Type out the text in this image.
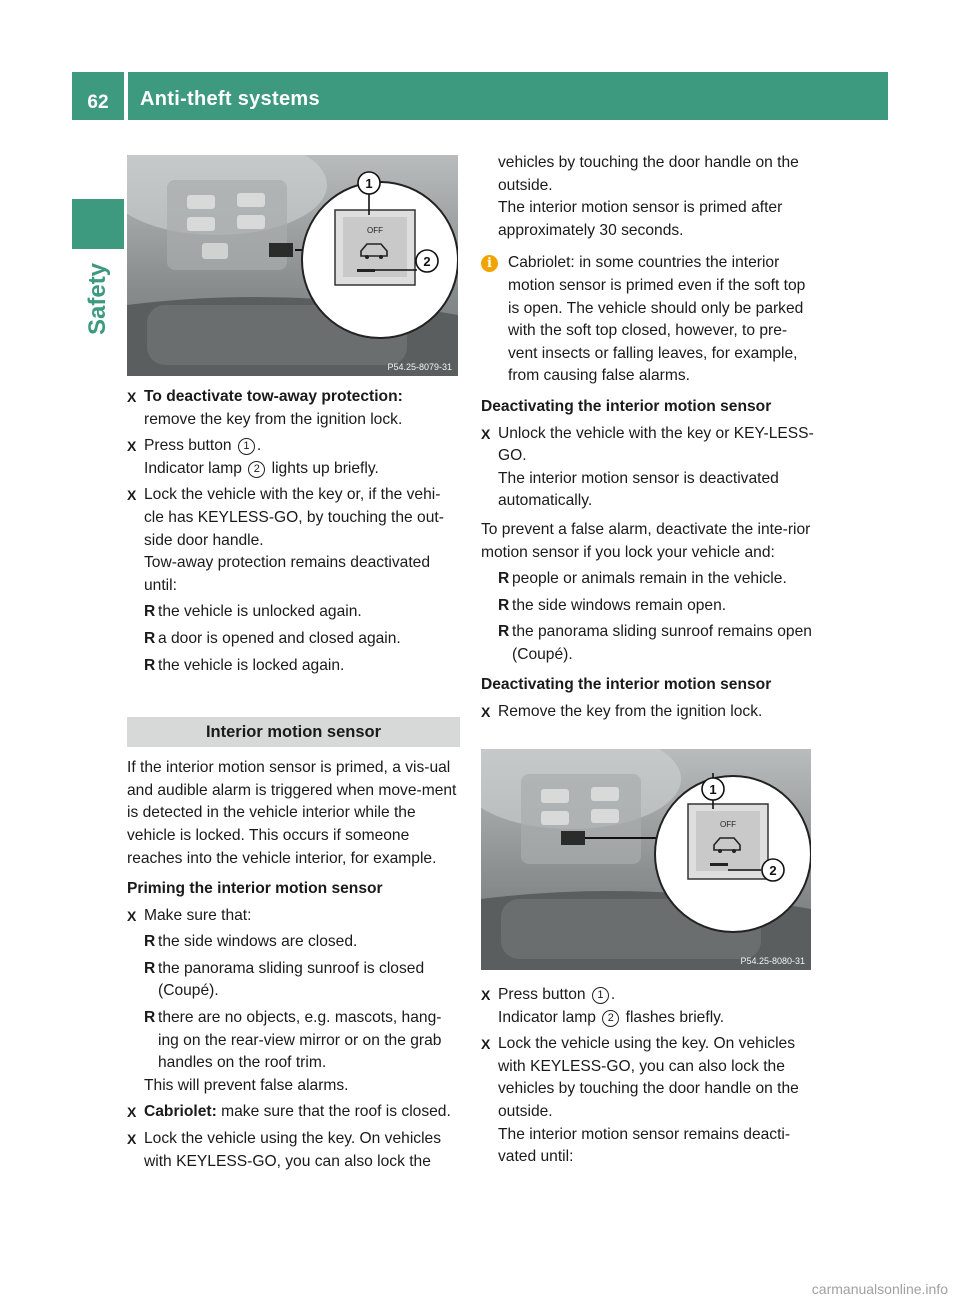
62	Anti-theft systems
Safety
OFF
1
2
P54.25-8079-31
X To deactivate tow-away protection:
remove the key from the ignition lock.
X Press button 1 .
Indicator lamp 2 lights up briefly.
X Lock the vehicle with the key or, if the vehi-cle has KEYLESS-GO, by touching the out-side door handle.
Tow-away protection remains deactivated until:
R the vehicle is unlocked again.
R a door is opened and closed again.
R the vehicle is locked again.
Interior motion sensor

If the interior motion sensor is primed, a vis-ual and audible alarm is triggered when move-ment is detected in the vehicle interior while the vehicle is locked. This occurs if someone reaches into the vehicle interior, for example.

Priming the interior motion sensor

X Make sure that:
R the side windows are closed.
R the panorama sliding sunroof is closed (Coupé).
R there are no objects, e.g. mascots, hang-ing on the rear-view mirror or on the grab handles on the roof trim.

This will prevent false alarms.

X Cabriolet: make sure that the roof is closed.
X Lock the vehicle using the key. On vehicles with KEYLESS-GO, you can also lock the

vehicles by touching the door handle on the outside.

The interior motion sensor is primed after approximately 30 seconds.

i	Cabriolet: in some countries the interior motion sensor is primed even if the soft top is open. The vehicle should only be parked with the soft top closed, however, to pre-vent insects or falling leaves, for example, from causing false alarms.

Deactivating the interior motion sensor

X Unlock the vehicle with the key or KEY-LESS-GO.
The interior motion sensor is deactivated automatically.

To prevent a false alarm, deactivate the inte-rior motion sensor if you lock your vehicle and:

R people or animals remain in the vehicle.
R the side windows remain open.
R the panorama sliding sunroof remains open (Coupé).

Deactivating the interior motion sensor

X Remove the key from the ignition lock.
OFF
1
2
P54.25-8080-31
X Press button 1 .
Indicator lamp 2 flashes briefly.
X Lock the vehicle using the key. On vehicles with KEYLESS-GO, you can also lock the vehicles by touching the door handle on the outside.
The interior motion sensor remains deacti-vated until:
carmanualsonline.info
